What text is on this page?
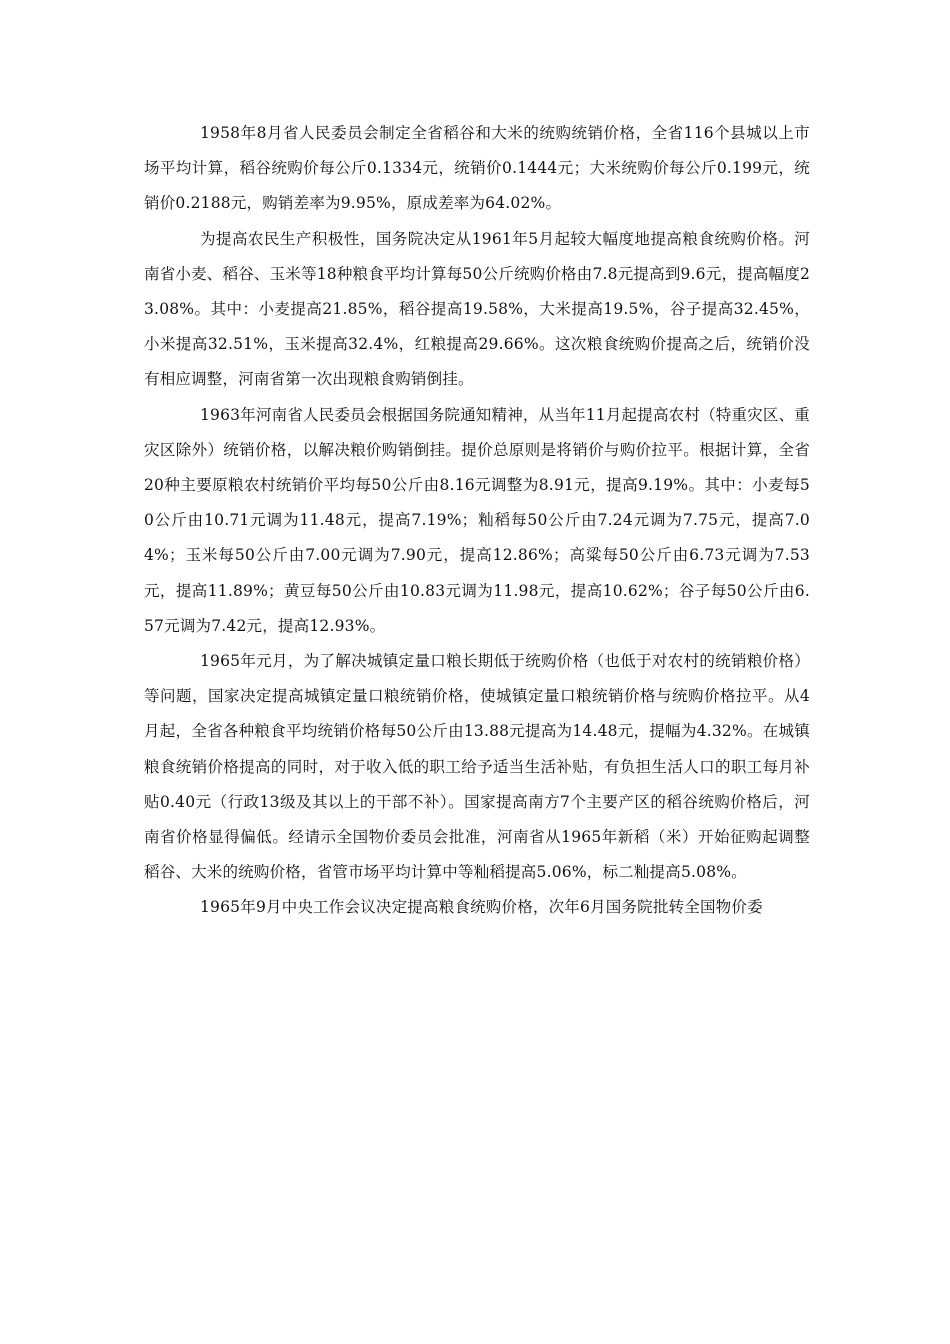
1958年8月省人民委员会制定全省稻谷和大米的统购统销价格，全省116个县城以上市场平均计算，稻谷统购价每公斤0.1334元，统销价0.1444元；大米统购价每公斤0.199元，统销价0.2188元，购销差率为9.95%，原成差率为64.02%。

为提高农民生产积极性，国务院决定从1961年5月起较大幅度地提高粮食统购价格。河南省小麦、稻谷、玉米等18种粮食平均计算每50公斤统购价格由7.8元提高到9.6元，提高幅度23.08%。其中：小麦提高21.85%，稻谷提高19.58%，大米提高19.5%，谷子提高32.45%，小米提高32.51%，玉米提高32.4%，红粮提高29.66%。这次粮食统购价提高之后，统销价没有相应调整，河南省第一次出现粮食购销倒挂。

1963年河南省人民委员会根据国务院通知精神，从当年11月起提高农村（特重灾区、重灾区除外）统销价格，以解决粮价购销倒挂。提价总原则是将销价与购价拉平。根据计算，全省20种主要原粮农村统销价平均每50公斤由8.16元调整为8.91元，提高9.19%。其中：小麦每50公斤由10.71元调为11.48元，提高7.19%；籼稻每50公斤由7.24元调为7.75元，提高7.04%；玉米每50公斤由7.00元调为7.90元，提高12.86%；高粱每50公斤由6.73元调为7.53元，提高11.89%；黄豆每50公斤由10.83元调为11.98元，提高10.62%；谷子每50公斤由6.57元调为7.42元，提高12.93%。

1965年元月，为了解决城镇定量口粮长期低于统购价格（也低于对农村的统销粮价格）等问题，国家决定提高城镇定量口粮统销价格，使城镇定量口粮统销价格与统购价格拉平。从4月起，全省各种粮食平均统销价格每50公斤由13.88元提高为14.48元，提幅为4.32%。在城镇粮食统销价格提高的同时，对于收入低的职工给予适当生活补贴，有负担生活人口的职工每月补贴0.40元（行政13级及其以上的干部不补）。国家提高南方7个主要产区的稻谷统购价格后，河南省价格显得偏低。经请示全国物价委员会批准，河南省从1965年新稻（米）开始征购起调整稻谷、大米的统购价格，省管市场平均计算中等籼稻提高5.06%，标二籼提高5.08%。

1965年9月中央工作会议决定提高粮食统购价格，次年6月国务院批转全国物价委
